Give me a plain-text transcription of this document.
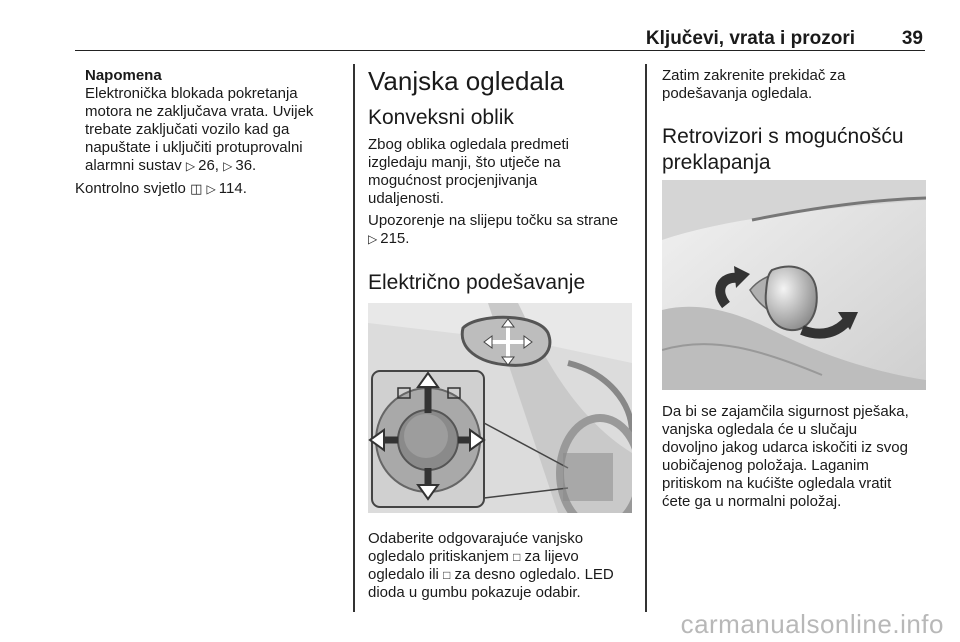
Ključevi, vrata i prozori 39
Napomena
Elektronička blokada pokretanja
motora ne zaključava vrata. Uvijek
trebate zaključati vozilo kad ga
napuštate i uključiti protuprovalni
alarmni sustav ▷ 26, ▷ 36.
Kontrolno svjetlo ◫ ▷ 114.
Vanjska ogledala
Konveksni oblik
Zbog oblika ogledala predmeti
izgledaju manji, što utječe na
mogućnost procjenjivanja
udaljenosti.
Upozorenje na slijepu točku sa strane
▷ 215.
Električno podešavanje
Odaberite odgovarajuće vanjsko
ogledalo pritiskanjem □ za lijevo
ogledalo ili □ za desno ogledalo. LED
dioda u gumbu pokazuje odabir.
Zatim zakrenite prekidač za
podešavanja ogledala.
Retrovizori s mogućnošću
preklapanja
Da bi se zajamčila sigurnost pješaka,
vanjska ogledala će u slučaju
dovoljno jakog udarca iskočiti iz svog
uobičajenog položaja. Laganim
pritiskom na kućište ogledala vratit
ćete ga u normalni položaj.
carmanualsonline.info
